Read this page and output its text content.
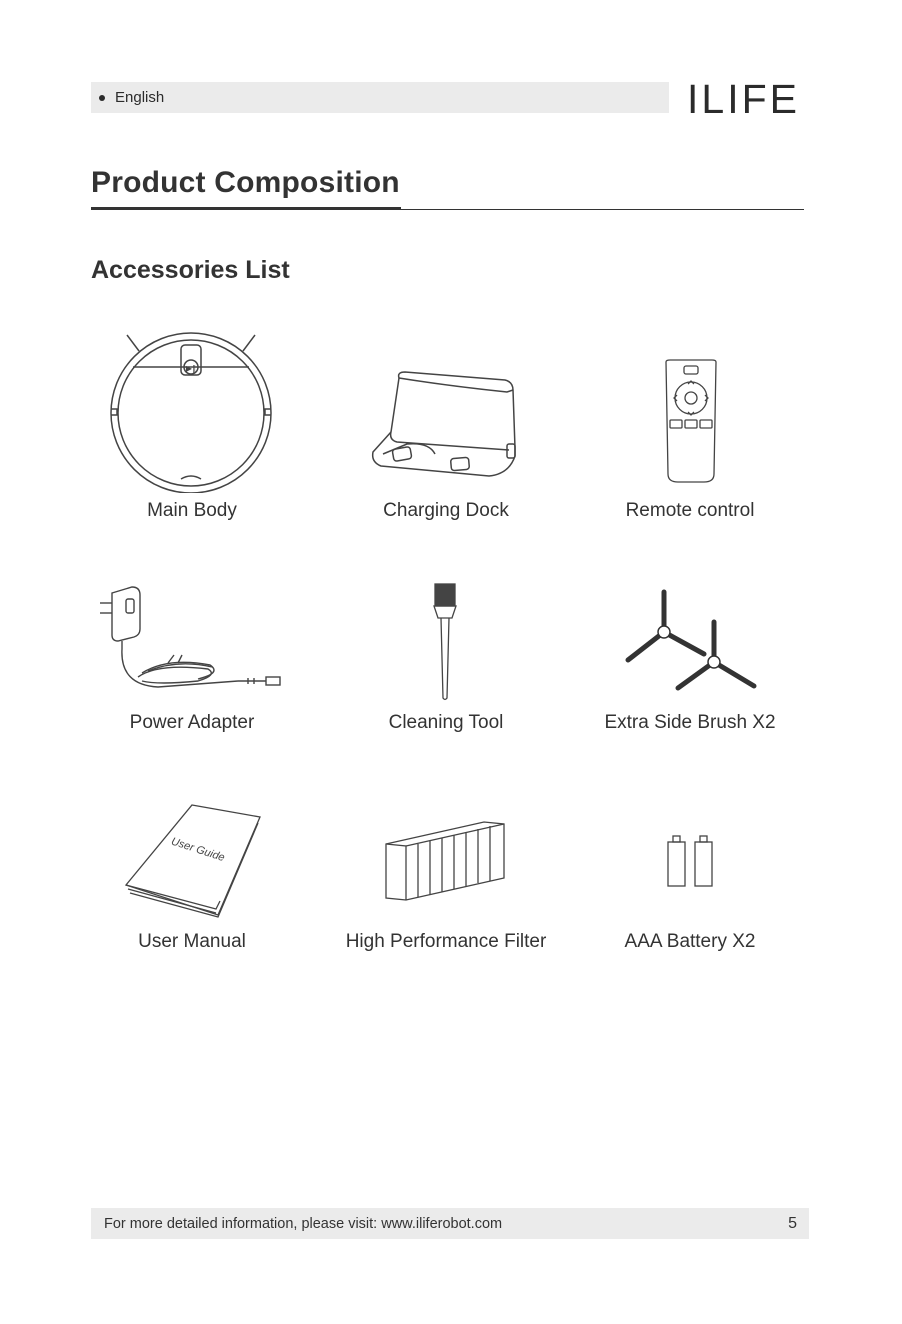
English	ILIFE
Product Composition
Accessories List
▶‖
User Guide
Main Body	Charging Dock	Remote control
Power Adapter	Cleaning Tool	Extra Side Brush X2
User Manual	High Performance Filter	AAA Battery X2
For more detailed information, please visit: www.iliferobot.com	5
